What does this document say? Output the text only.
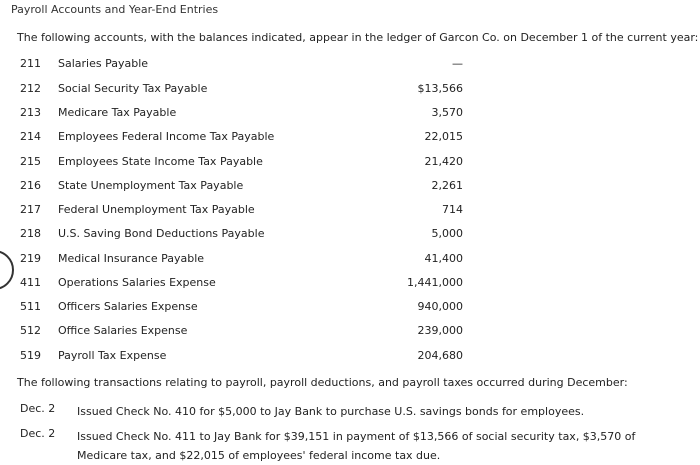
Payroll Accounts and Year-End Entries
The following accounts, with the balances indicated, appear in the ledger of Garcon Co. on December 1 of the current year:
211 Salaries Payable	—
212 Social Security Tax Payable	$13,566
213 Medicare Tax Payable	3,570
214 Employees Federal Income Tax Payable	22,015
215 Employees State Income Tax Payable	21,420
216 State Unemployment Tax Payable	2,261
217 Federal Unemployment Tax Payable	714
218 U.S. Saving Bond Deductions Payable	5,000
219 Medical Insurance Payable	41,400
411 Operations Salaries Expense	1,441,000
511 Officers Salaries Expense	940,000
512 Office Salaries Expense	239,000
519 Payroll Tax Expense	204,680
The following transactions relating to payroll, payroll deductions, and payroll taxes occurred during December:
Dec. 2 Issued Check No. 410 for $5,000 to Jay Bank to purchase U.S. savings bonds for employees.
Dec. 2 Issued Check No. 411 to Jay Bank for $39,151 in payment of $13,566 of social security tax, $3,570 of Medicare tax, and $22,015 of employees' federal income tax due.
